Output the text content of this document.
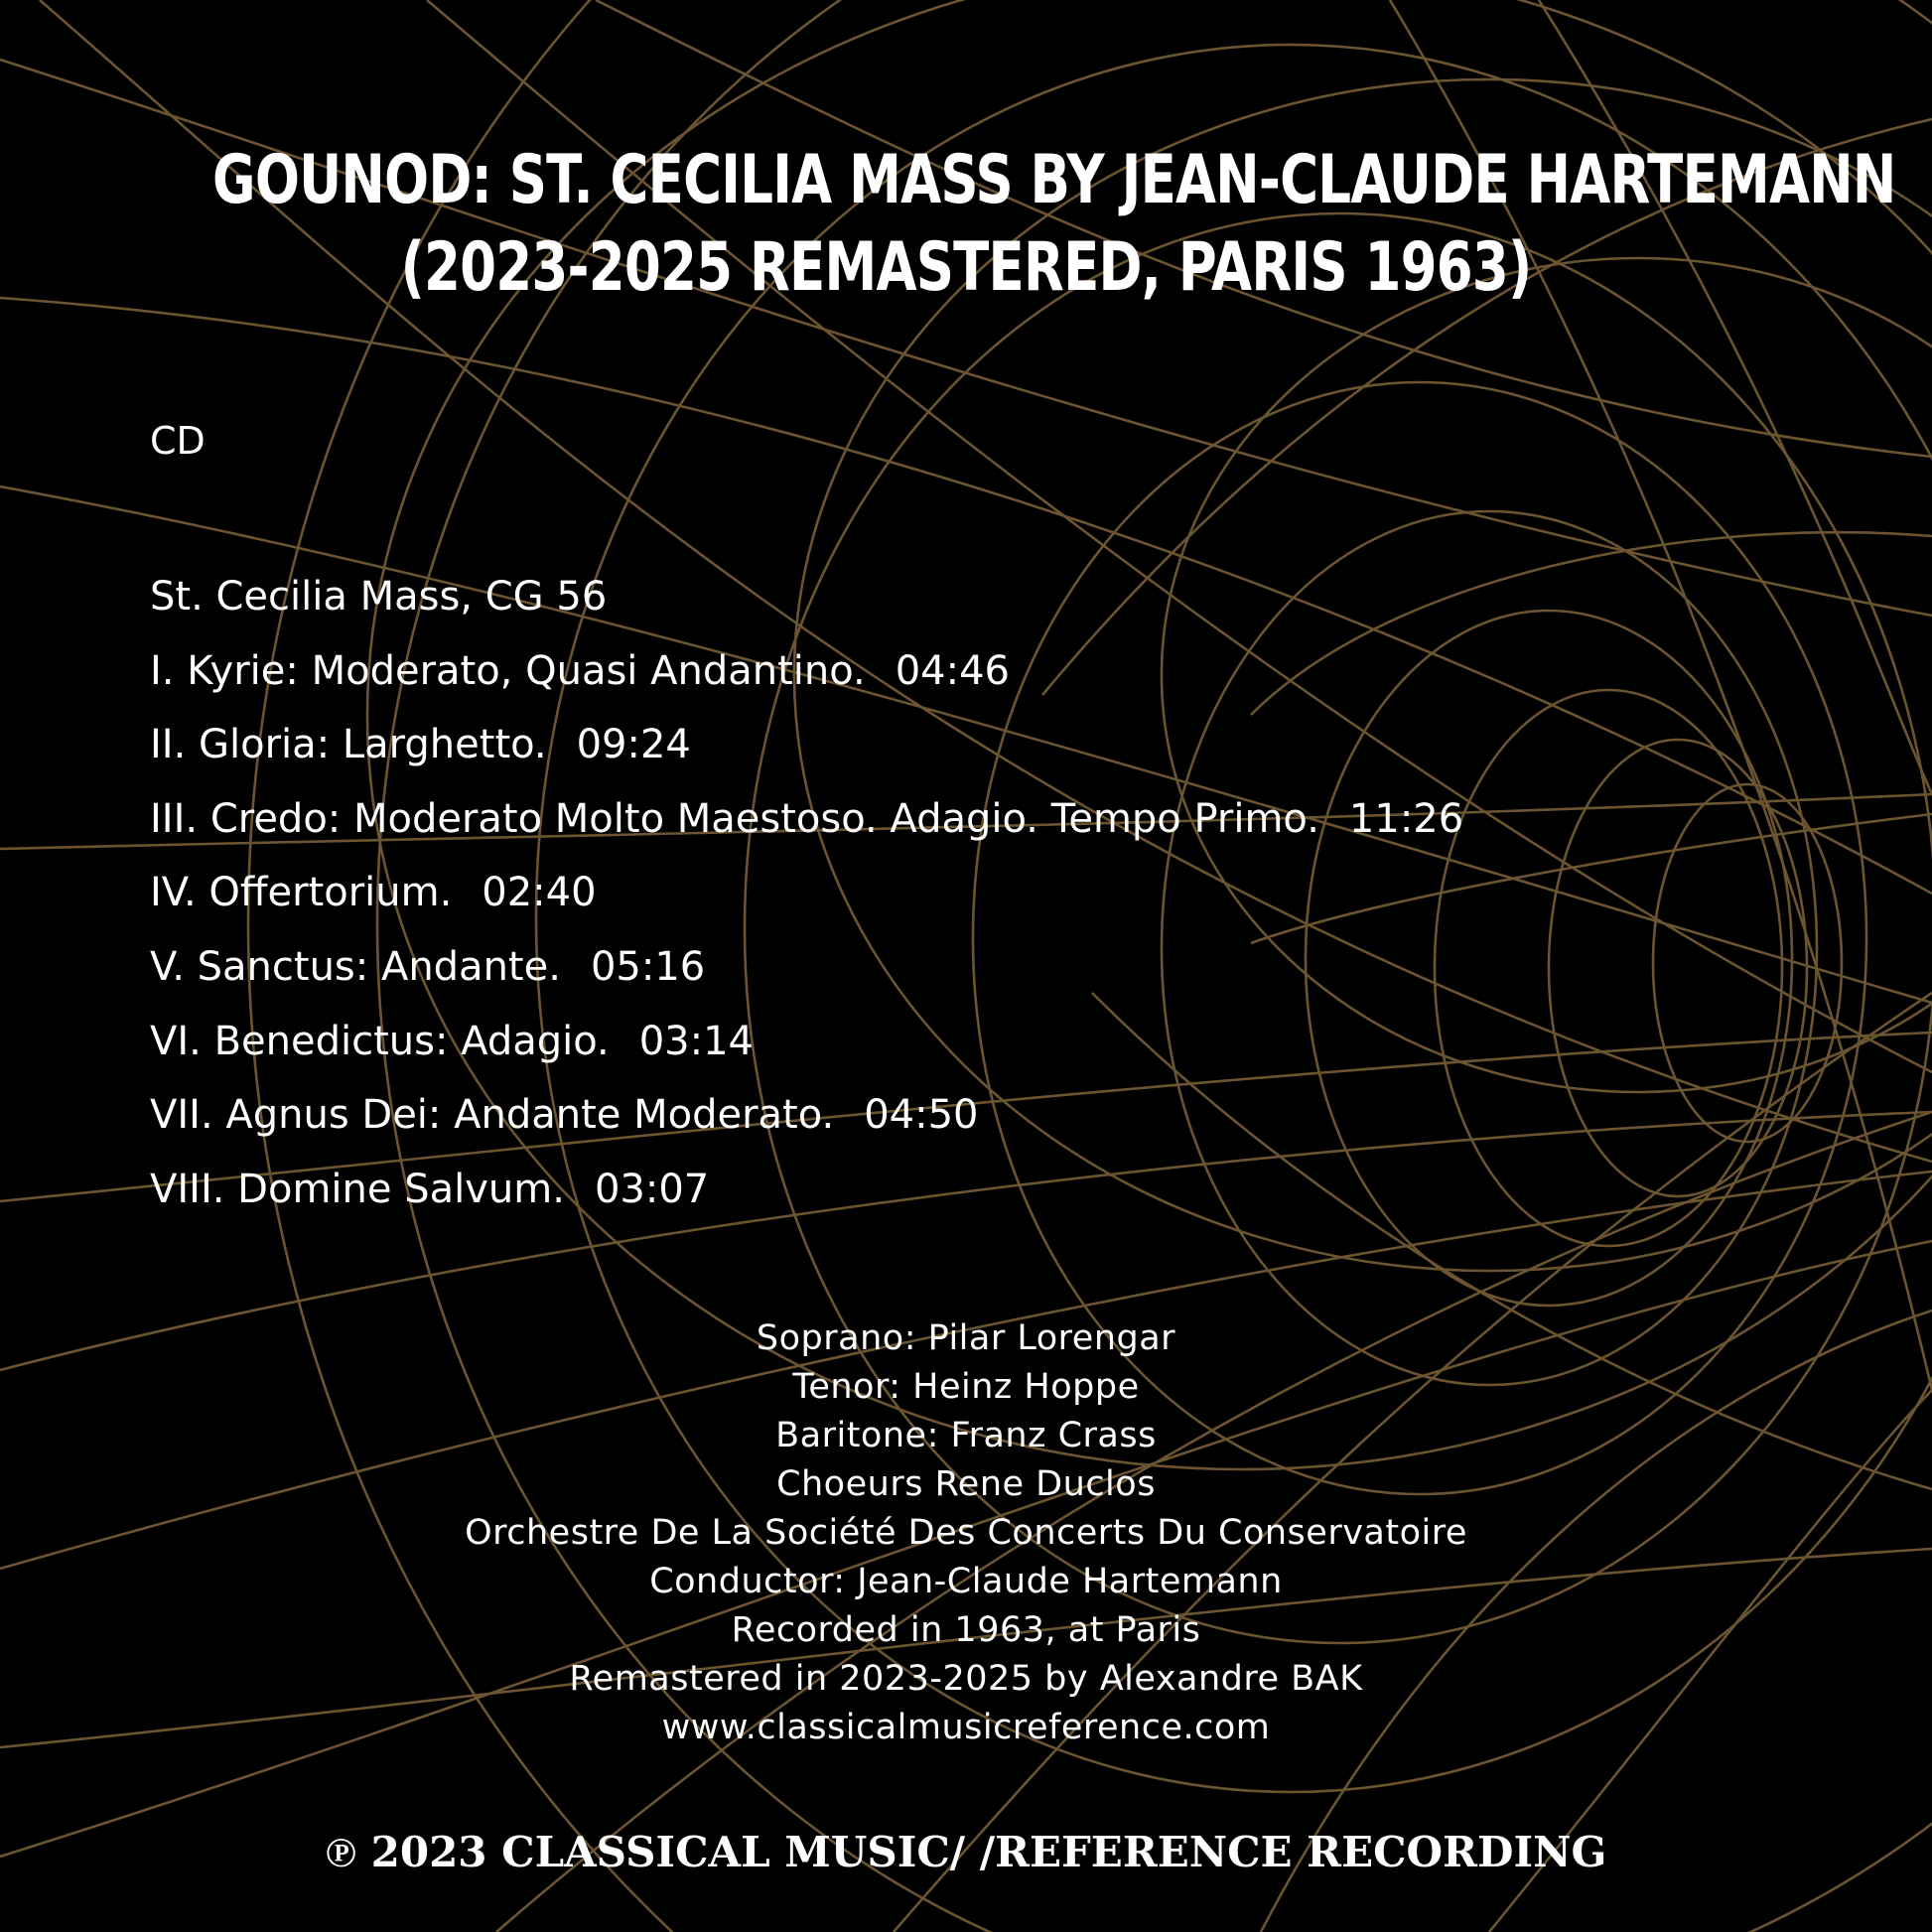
GOUNOD: ST. CECILIA MASS BY JEAN-CLAUDE HARTEMANN
(2023-2025 REMASTERED, PARIS 1963)
CD
St. Cecilia Mass, CG 56
I. Kyrie: Moderato, Quasi Andantino. 04:46
II. Gloria: Larghetto. 09:24
III. Credo: Moderato Molto Maestoso. Adagio. Tempo Primo. 11:26
IV. Offertorium. 02:40
V. Sanctus: Andante. 05:16
VI. Benedictus: Adagio. 03:14
VII. Agnus Dei: Andante Moderato. 04:50
VIII. Domine Salvum. 03:07
Soprano: Pilar Lorengar
Tenor: Heinz Hoppe
Baritone: Franz Crass
Choeurs Rene Duclos
Orchestre De La Société Des Concerts Du Conservatoire
Conductor: Jean-Claude Hartemann
Recorded in 1963, at Paris
Remastered in 2023-2025 by Alexandre BAK
www.classicalmusicreference.com
℗ 2023 CLASSICAL MUSIC/ /REFERENCE RECORDING
